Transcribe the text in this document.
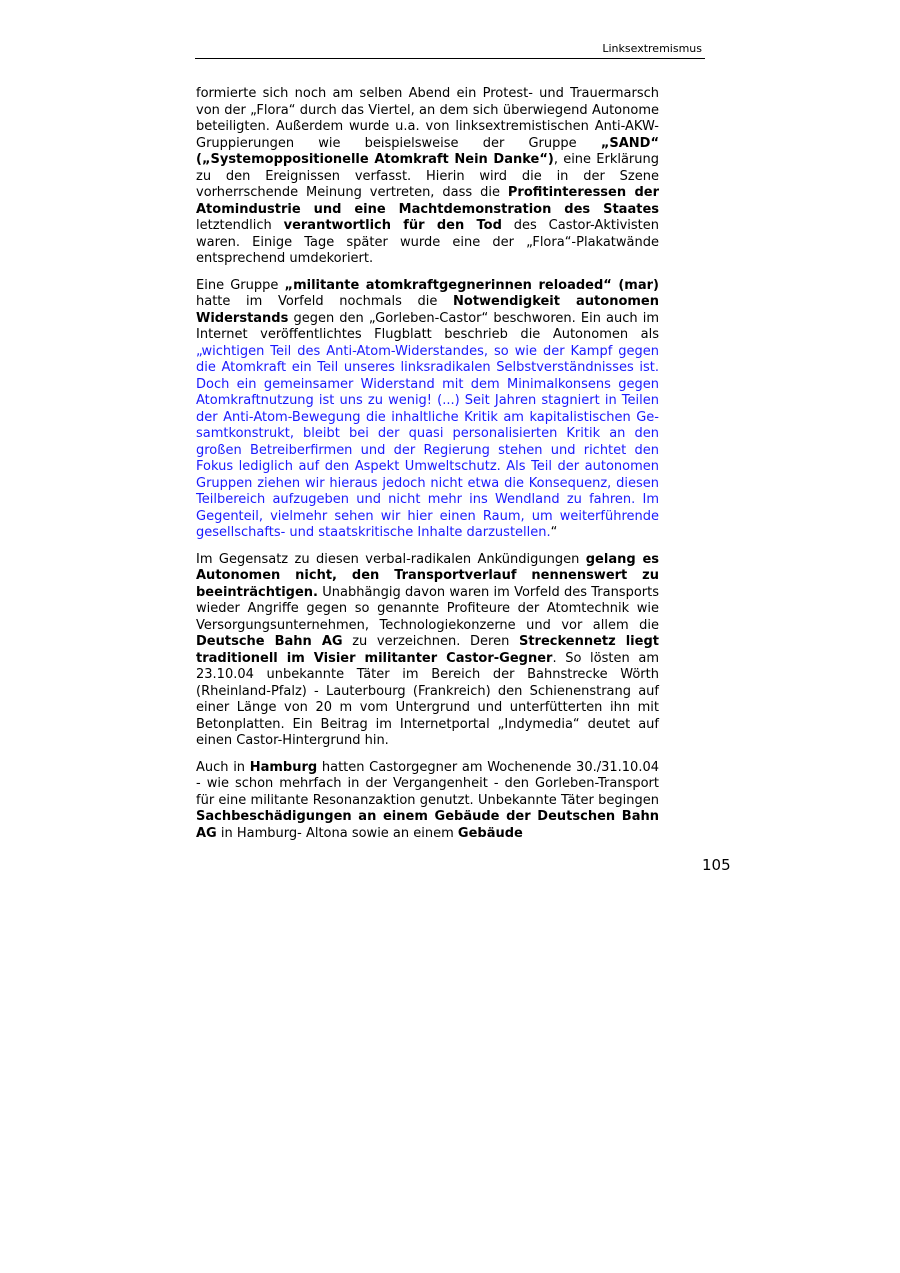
Linksextremismus

formierte sich noch am selben Abend ein Protest- und Trauermarsch von der „Flora“ durch das Viertel, an dem sich überwiegend Autonome beteiligten. Außerdem wurde u.a. von linksextremistischen Anti-AKW-Gruppierungen wie beispielsweise der Gruppe „SAND“ („Systemoppositionelle Atomkraft Nein Danke“), eine Erklärung zu den Ereignissen verfasst. Hierin wird die in der Szene vorherrschende Meinung vertreten, dass die Profitinteressen der Atomindustrie und eine Machtdemonstration des Staates letztendlich verantwortlich für den Tod des Castor-Aktivisten waren. Einige Tage später wurde eine der „Flora“-Plakatwände entsprechend umdekoriert.

Eine Gruppe „militante atomkraftgegnerinnen reloaded“ (mar) hatte im Vorfeld nochmals die Notwendigkeit autonomen Widerstands gegen den „Gorleben-Castor“ beschworen. Ein auch im Internet veröffentlichtes Flugblatt beschrieb die Autonomen als „wichtigen Teil des Anti-Atom-Widerstandes, so wie der Kampf gegen die Atomkraft ein Teil unseres linksradikalen Selbstverständnisses ist. Doch ein gemeinsamer Widerstand mit dem Minimalkonsens gegen Atomkraftnutzung ist uns zu wenig! (...) Seit Jahren stagniert in Teilen der Anti-Atom-Bewegung die inhaltliche Kritik am kapitalistischen Gesamtkonstrukt, bleibt bei der quasi personalisierten Kritik an den großen Betreiberfirmen und der Regierung stehen und richtet den Fokus lediglich auf den Aspekt Umweltschutz. Als Teil der autonomen Gruppen ziehen wir hieraus jedoch nicht etwa die Konsequenz, diesen Teilbereich aufzugeben und nicht mehr ins Wendland zu fahren. Im Gegenteil, vielmehr sehen wir hier einen Raum, um weiterführende gesellschafts- und staatskritische Inhalte darzustellen.“

Im Gegensatz zu diesen verbal-radikalen Ankündigungen gelang es Autonomen nicht, den Transportverlauf nennenswert zu beeinträchtigen. Unabhängig davon waren im Vorfeld des Transports wieder Angriffe gegen so genannte Profiteure der Atomtechnik wie Versorgungsunternehmen, Technologiekonzerne und vor allem die Deutsche Bahn AG zu verzeichnen. Deren Streckennetz liegt traditionell im Visier militanter Castor-Gegner. So lösten am 23.10.04 unbekannte Täter im Bereich der Bahnstrecke Wörth (Rheinland-Pfalz) - Lauterbourg (Frankreich) den Schienenstrang auf einer Länge von 20 m vom Untergrund und unterfütterten ihn mit Betonplatten. Ein Beitrag im Internetportal „Indymedia“ deutet auf einen Castor-Hintergrund hin.

Auch in Hamburg hatten Castorgegner am Wochenende 30./31.10.04 - wie schon mehrfach in der Vergangenheit - den Gorleben-Transport für eine militante Resonanzaktion genutzt. Unbekannte Täter begingen Sachbeschädigungen an einem Gebäude der Deutschen Bahn AG in Hamburg- Altona sowie an einem Gebäude

105
